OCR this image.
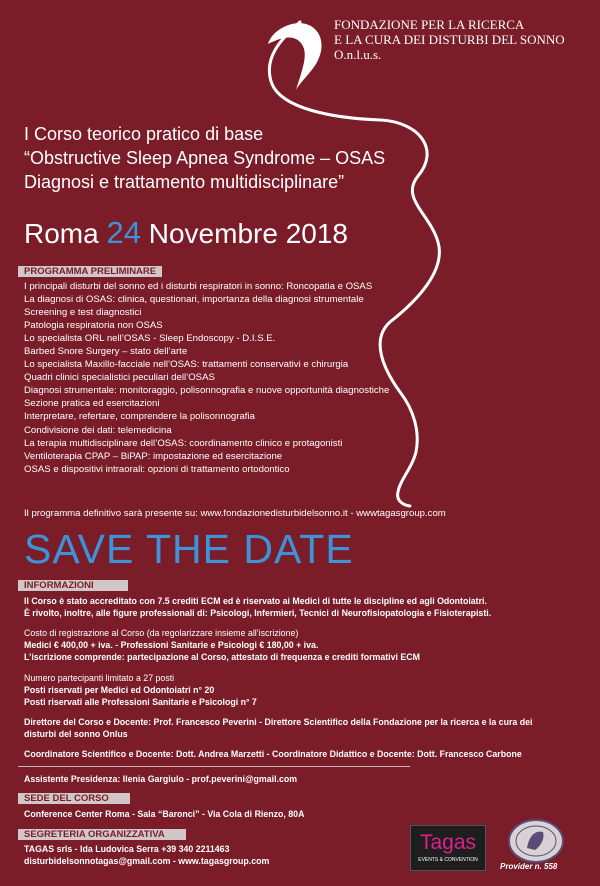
FONDAZIONE PER LA RICERCA
E LA CURA DEI DISTURBI DEL SONNO
O.n.l.u.s.
I Corso teorico pratico di base
“Obstructive Sleep Apnea Syndrome – OSAS
Diagnosi e trattamento multidisciplinare”
Roma 24 Novembre 2018
PROGRAMMA PRELIMINARE
I principali disturbi del sonno ed i disturbi respiratori in sonno: Roncopatia e OSAS
La diagnosi di OSAS: clinica, questionari, importanza della diagnosi strumentale
Screening e test diagnostici
Patologia respiratoria non OSAS
Lo specialista ORL nell’OSAS - Sleep Endoscopy - D.I.S.E.
Barbed Snore Surgery – stato dell’arte
Lo specialista Maxillo-facciale nell’OSAS: trattamenti conservativi e chirurgia
Quadri clinici specialistici peculiari dell’OSAS
Diagnosi strumentale: monitoraggio, polisonnografia e nuove opportunità diagnostiche
Sezione pratica ed esercitazioni
Interpretare, refertare, comprendere la polisonnografia
Condivisione dei dati: telemedicina
La terapia multidisciplinare dell’OSAS: coordinamento clinico e protagonisti
Ventiloterapia CPAP – BiPAP: impostazione ed esercitazione
OSAS e dispositivi intraorali: opzioni di trattamento ortodontico
Il programma definitivo sarà presente su: www.fondazionedisturbidelsonno.it - wwwtagasgroup.com
SAVE THE DATE
INFORMAZIONI
Il Corso è stato accreditato con 7.5 crediti ECM ed è riservato ai Medici di tutte le discipline ed agli Odontoiatri.
È rivolto, inoltre, alle figure professionali di: Psicologi, Infermieri, Tecnici di Neurofisiopatologia e Fisioterapisti.
Costo di registrazione al Corso (da regolarizzare insieme all’iscrizione)
Medici € 400,00 + iva. - Professioni Sanitarie e Psicologi € 180,00 + iva.
L’iscrizione comprende: partecipazione al Corso, attestato di frequenza e crediti formativi ECM
Numero partecipanti limitato a 27 posti
Posti riservati per Medici ed Odontoiatri n° 20
Posti riservati alle Professioni Sanitarie e Psicologi n° 7
Direttore del Corso e Docente: Prof. Francesco Peverini - Direttore Scientifico della Fondazione per la ricerca e la cura dei
disturbi del sonno Onlus
Coordinatore Scientifico e Docente: Dott. Andrea Marzetti - Coordinatore Didattico e Docente: Dott. Francesco Carbone
Assistente Presidenza: Ilenia Gargiulo - prof.peverini@gmail.com
SEDE DEL CORSO
Conference Center Roma - Sala “Baronci” - Via Cola di Rienzo, 80A
SEGRETERIA ORGANIZZATIVA
TAGAS srls - Ida Ludovica Serra +39 340 2211463
disturbidelsonnotagas@gmail.com - www.tagasgroup.com
Tagas
EVENTS & CONVENTION
Provider n. 558
